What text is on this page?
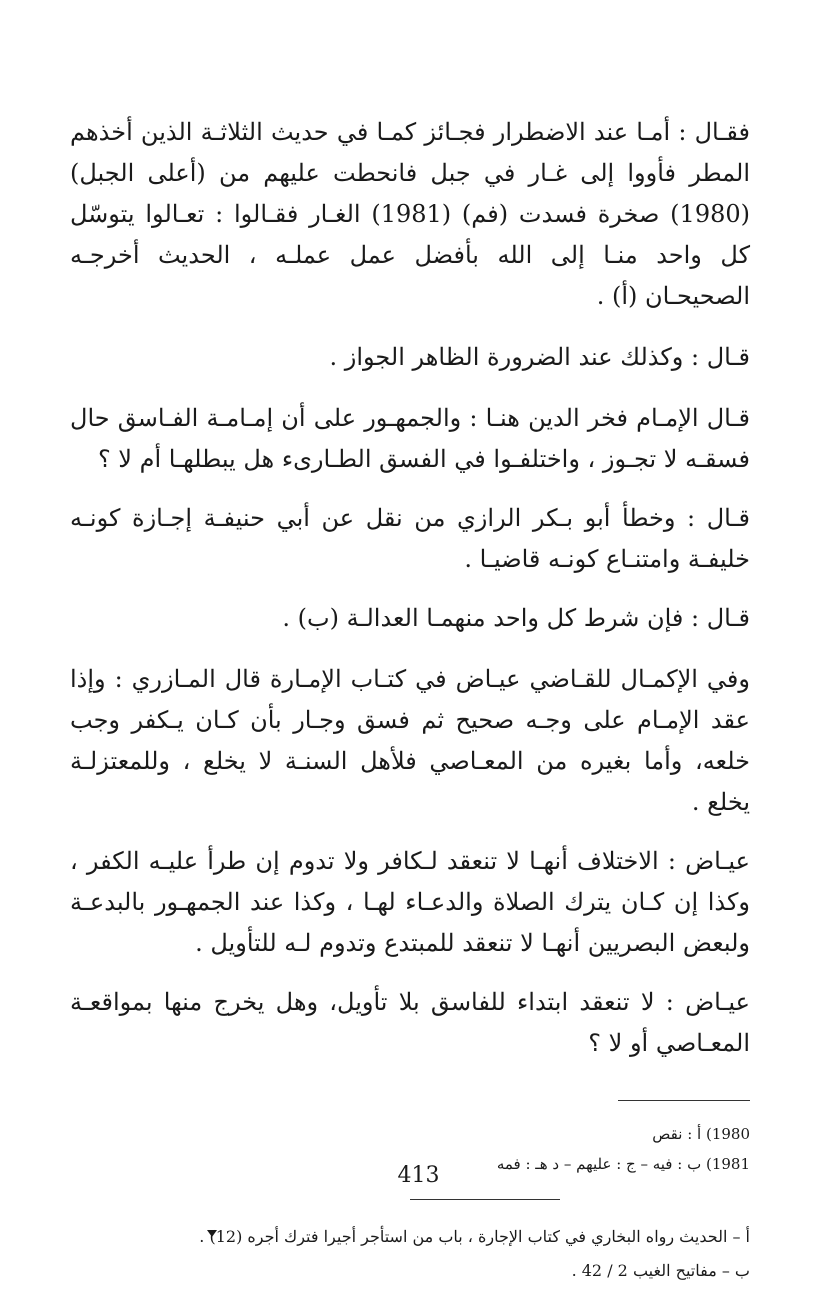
فقـال : أمـا عند الاضطرار فجـائز كمـا في حديث الثلاثـة الذين أخذهم المطر فأووا إلى غـار في جبل فانحطت عليهم من (أعلى الجبل) (1980) صخرة فسدت (فم) (1981) الغـار فقـالوا : تعـالوا يتوسّل كل واحد منـا إلى الله بأفضل عمل عملـه ، الحديث أخرجـه الصحيحـان (أ) .

قـال : وكذلك عند الضرورة الظاهر الجواز .

قـال الإمـام فخر الدين هنـا : والجمهـور على أن إمـامـة الفـاسق حال فسقـه لا تجـوز ، واختلفـوا في الفسق الطـارىء هل يبطلهـا أم لا ؟

قـال : وخطأ أبو بـكر الرازي من نقل عن أبي حنيفـة إجـازة كونـه خليفـة وامتنـاع كونـه قاضيـا .

قـال : فإن شرط كل واحد منهمـا العدالـة (ب) .

وفي الإكمـال للقـاضي عيـاض في كتـاب الإمـارة قال المـازري : وإذا عقد الإمـام على وجـه صحيح ثم فسق وجـار بأن كـان يـكفر وجب خلعه، وأما بغيره من المعـاصي فلأهل السنـة لا يخلع ، وللمعتزلـة يخلع .

عيـاض : الاختلاف أنهـا لا تنعقد لـكافر ولا تدوم إن طرأ عليـه الكفر ، وكذا إن كـان يترك الصلاة والدعـاء لهـا ، وكذا عند الجمهـور بالبدعـة ولبعض البصريين أنهـا لا تنعقد للمبتدع وتدوم لـه للتأويل .

عيـاض : لا تنعقد ابتداء للفاسق بلا تأويل، وهل يخرج منها بمواقعـة المعـاصي أو لا ؟

1980) أ : نقص

1981) ب : فيه – ج : عليهم – د هـ : فمه

أ – الحديث رواه البخاري في كتاب الإجارة ، باب من استأجر أجيرا فترك أجره (12) .

ب – مفاتيح الغيب 2 / 42 .

413
